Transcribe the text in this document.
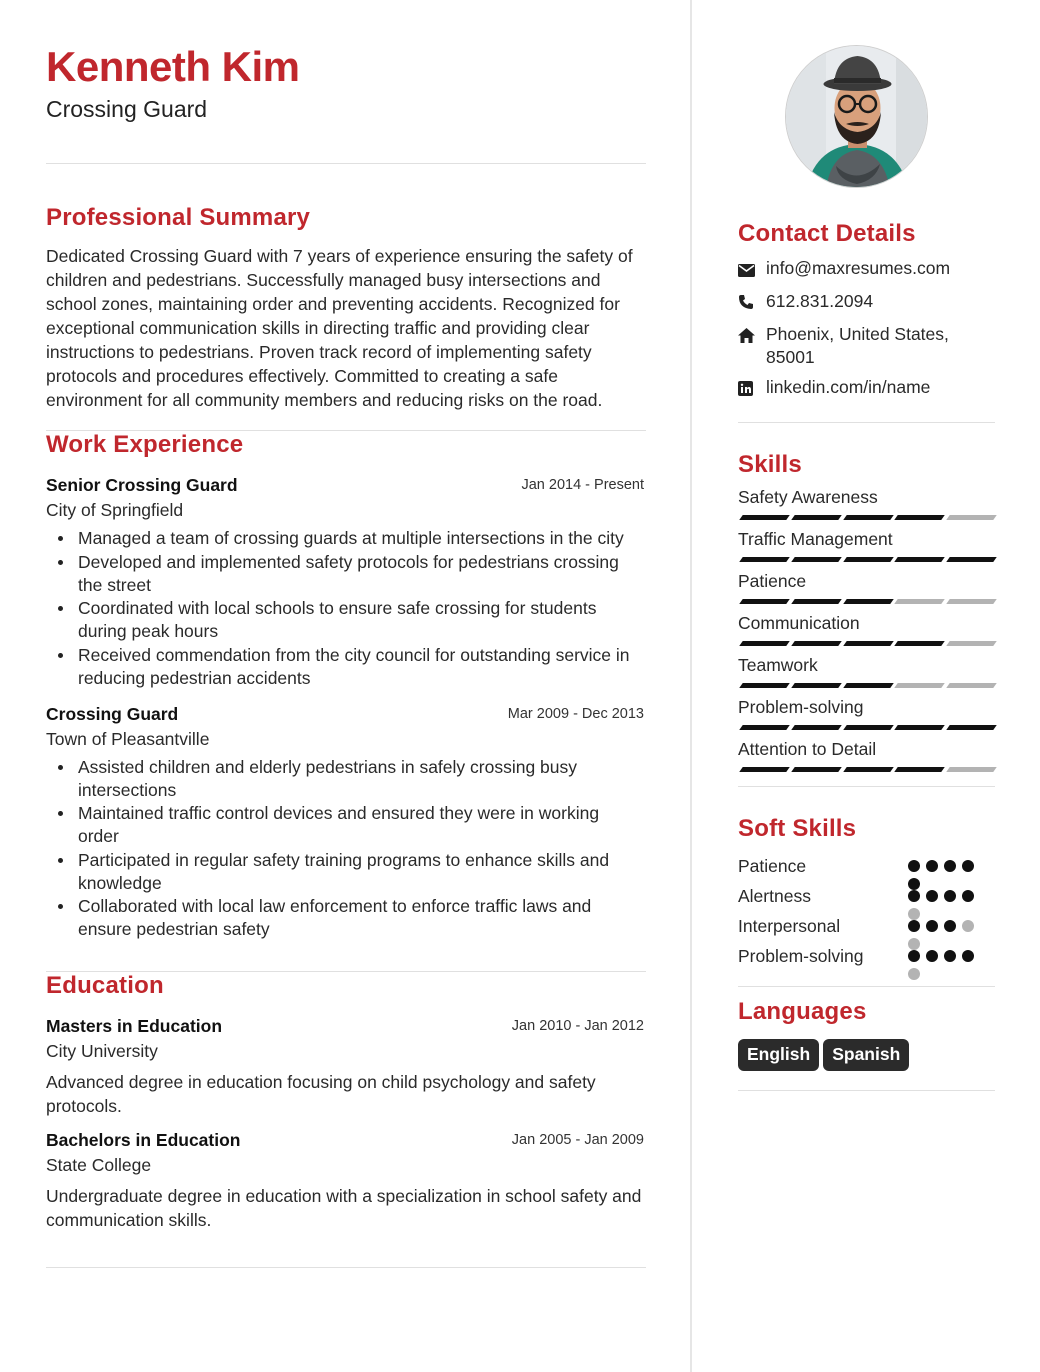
Kenneth Kim
Crossing Guard
Professional Summary
Dedicated Crossing Guard with 7 years of experience ensuring the safety of children and pedestrians. Successfully managed busy intersections and school zones, maintaining order and preventing accidents. Recognized for exceptional communication skills in directing traffic and providing clear instructions to pedestrians. Proven track record of implementing safety protocols and procedures effectively. Committed to creating a safe environment for all community members and reducing risks on the road.
Work Experience
Senior Crossing Guard	Jan 2014 - Present
City of Springfield
Managed a team of crossing guards at multiple intersections in the city
Developed and implemented safety protocols for pedestrians crossing the street
Coordinated with local schools to ensure safe crossing for students during peak hours
Received commendation from the city council for outstanding service in reducing pedestrian accidents
Crossing Guard	Mar 2009 - Dec 2013
Town of Pleasantville
Assisted children and elderly pedestrians in safely crossing busy intersections
Maintained traffic control devices and ensured they were in working order
Participated in regular safety training programs to enhance skills and knowledge
Collaborated with local law enforcement to enforce traffic laws and ensure pedestrian safety
Education
Masters in Education	Jan 2010 - Jan 2012
City University
Advanced degree in education focusing on child psychology and safety protocols.
Bachelors in Education	Jan 2005 - Jan 2009
State College
Undergraduate degree in education with a specialization in school safety and communication skills.
Contact Details
info@maxresumes.com
612.831.2094
Phoenix, United States, 85001
linkedin.com/in/name
Skills
Safety Awareness
Traffic Management
Patience
Communication
Teamwork
Problem-solving
Attention to Detail
Soft Skills
Patience
Alertness
Interpersonal
Problem-solving
Languages
English Spanish
